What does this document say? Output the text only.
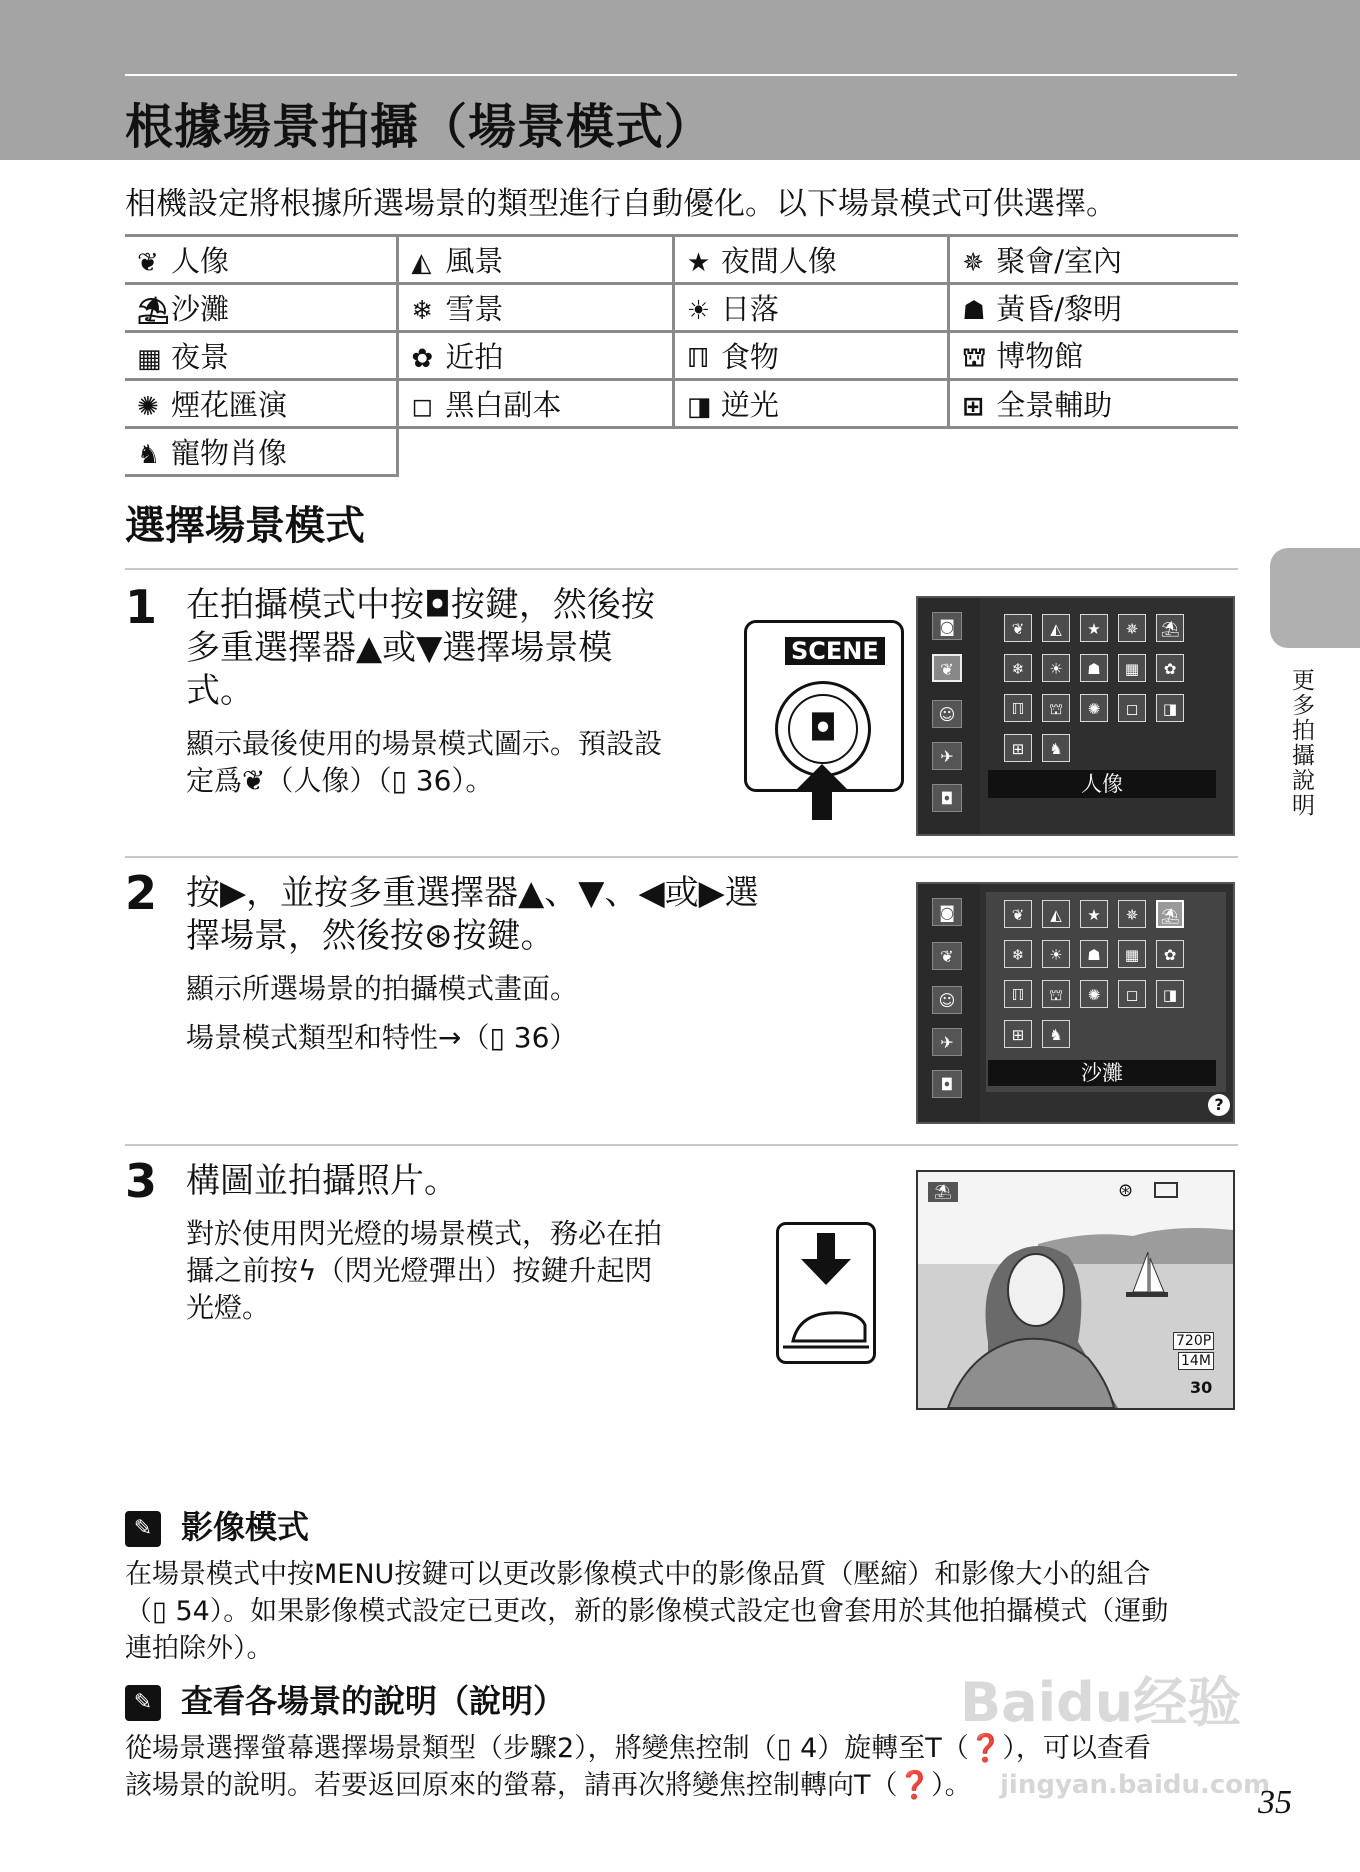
根據場景拍攝（場景模式）
相機設定將根據所選場景的類型進行自動優化。以下場景模式可供選擇。
❦ 人像	◭ 風景	★ 夜間人像	✵ 聚會/室內
⛱沙灘	❄ 雪景	☀ 日落	☗ 黃昏/黎明
▦ 夜景	✿ 近拍	ℿ 食物	⛫ 博物館
✺ 煙花匯演	◻ 黑白副本	◨ 逆光	⊞ 全景輔助
♞ 寵物肖像			
選擇場景模式
1 在拍攝模式中按◘按鍵，然後按
多重選擇器▲或▼選擇場景模
式。
顯示最後使用的場景模式圖示。預設設
定爲❦（人像）（▯ 36）。
SCENE
◘
◙
❦
☺
✈
◘
❦	◭	★	✵	⛱
❄	☀	☗	▦	✿
ℿ	⛫	✺	◻	◨
⊞	♞
人像
2 按▶，並按多重選擇器▲、▼、◀或▶選
擇場景，然後按⊛按鍵。
顯示所選場景的拍攝模式畫面。
場景模式類型和特性→（▯ 36）
◙
❦
☺
✈
◘
❦	◭	★	✵	⛱
❄	☀	☗	▦	✿
ℿ	⛫	✺	◻	◨
⊞	♞
沙灘
?
3 構圖並拍攝照片。
對於使用閃光燈的場景模式，務必在拍
攝之前按ϟ（閃光燈彈出）按鍵升起閃
光燈。
⛱	⊛
720P
14M
30
更多拍攝說明
✎ 影像模式
在場景模式中按MENU按鍵可以更改影像模式中的影像品質（壓縮）和影像大小的組合
（▯ 54）。如果影像模式設定已更改，新的影像模式設定也會套用於其他拍攝模式（運動
連拍除外）。
✎ 查看各場景的說明（說明）
從場景選擇螢幕選擇場景類型（步驟2），將變焦控制（▯ 4）旋轉至T（❓），可以查看
該場景的說明。若要返回原來的螢幕，請再次將變焦控制轉向T（❓）。
Baidu经验
jingyan.baidu.com
35
